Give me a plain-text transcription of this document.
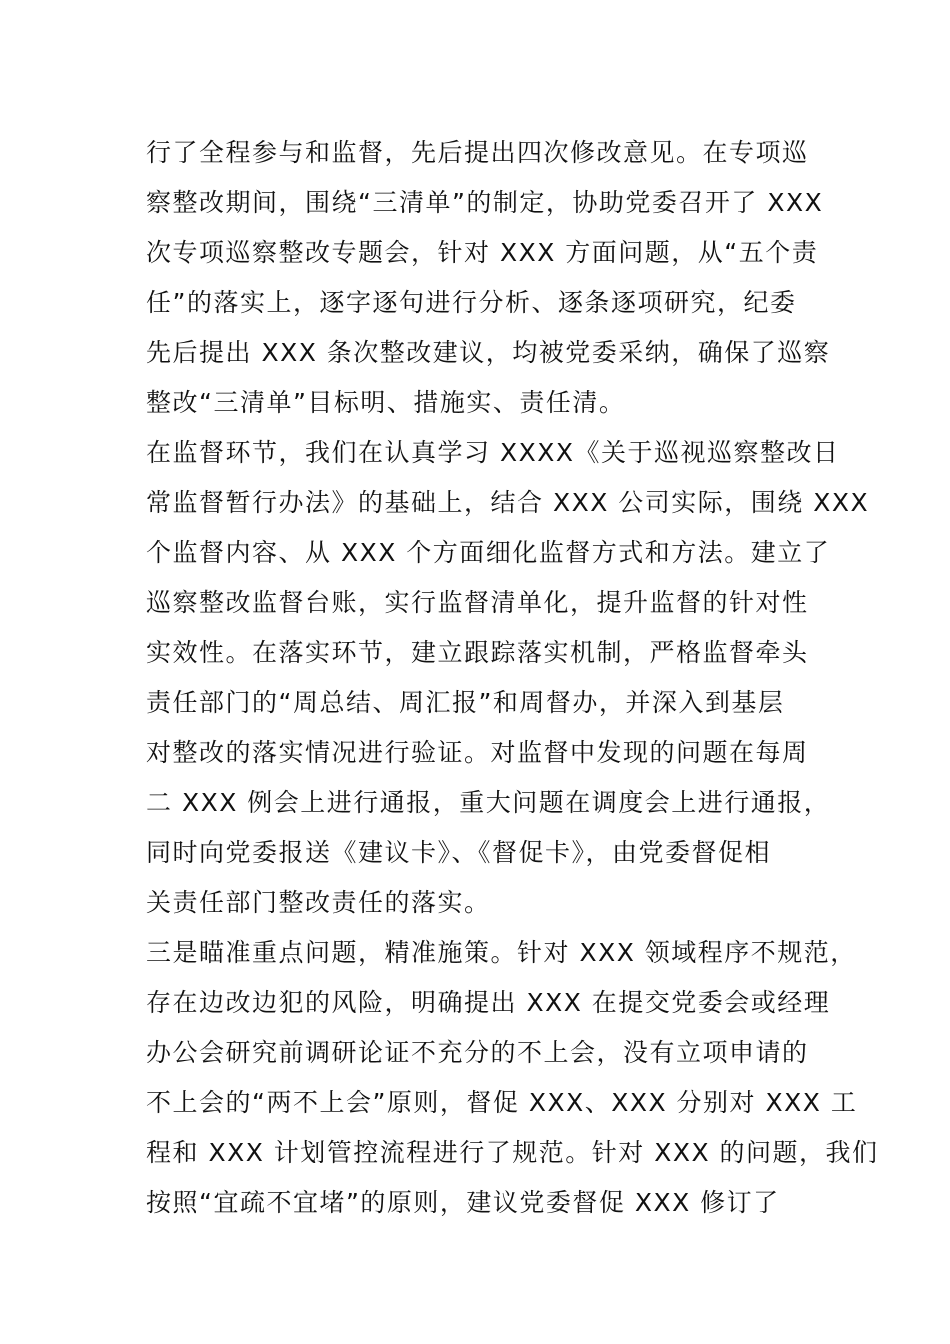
行了全程参与和监督，先后提出四次修改意见。在专项巡
察整改期间，围绕“三清单”的制定，协助党委召开了 XXX
次专项巡察整改专题会，针对 XXX 方面问题，从“五个责
任”的落实上，逐字逐句进行分析、逐条逐项研究，纪委
先后提出 XXX 条次整改建议，均被党委采纳，确保了巡察
整改“三清单”目标明、措施实、责任清。
在监督环节，我们在认真学习 XXXX《关于巡视巡察整改日
常监督暂行办法》的基础上，结合 XXX 公司实际，围绕 XXX
个监督内容、从 XXX 个方面细化监督方式和方法。建立了
巡察整改监督台账，实行监督清单化，提升监督的针对性
实效性。在落实环节，建立跟踪落实机制，严格监督牵头
责任部门的“周总结、周汇报”和周督办，并深入到基层
对整改的落实情况进行验证。对监督中发现的问题在每周
二 XXX 例会上进行通报，重大问题在调度会上进行通报，
同时向党委报送《建议卡》、《督促卡》，由党委督促相
关责任部门整改责任的落实。
三是瞄准重点问题，精准施策。针对 XXX 领域程序不规范，
存在边改边犯的风险，明确提出 XXX 在提交党委会或经理
办公会研究前调研论证不充分的不上会，没有立项申请的
不上会的“两不上会”原则，督促 XXX、XXX 分别对 XXX 工
程和 XXX 计划管控流程进行了规范。针对 XXX 的问题，我们
按照“宜疏不宜堵”的原则，建议党委督促 XXX 修订了
